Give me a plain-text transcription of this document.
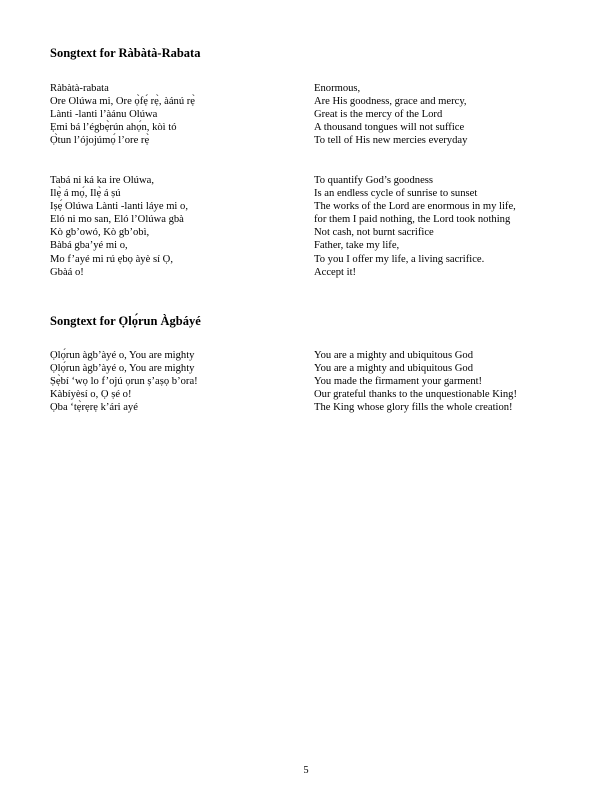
Songtext for Ràbàtà-Rabata
Ràbàtà-rabata
Ore Olúwa mi, Ore ọ̀fẹ́ rẹ̀, àánú rẹ̀
Lànti -lanti l’àánu Olúwa
Ẹmi bá l’égbẹ̀rún ahọ́n, kòì tó
Ọ̀tun l’ójojúmọ́ l’ore rẹ̀
Enormous,
Are His goodness, grace and mercy,
Great is the mercy of the Lord
A thousand tongues will not suffice
To tell of His new mercies everyday
Tabá ni ká ka ire Olúwa,
Ilẹ̀ á mọ́, Ilẹ̀ á ṣú
Iṣẹ́ Olúwa Lànti -lanti láye mi o,
Eló ni mo san, Eló l’Olúwa gbà
Kò gb’owó, Kò gb’obì,
Bàbá gba’yé mi o,
Mo f’ayé mi rú ẹbọ àyè sí Ọ,
Gbàá o!
To quantify God’s goodness
Is an endless cycle of sunrise to sunset
The works of the Lord are enormous in my life,
for them I paid nothing, the Lord took nothing
Not cash, not burnt sacrifice
Father, take my life,
To you I offer my life, a living sacrifice.
Accept it!
Songtext for Ọlọ́run Àgbáyé
Ọlọ́run àgb’àyé o, You are mighty
Ọlọ́run àgb’àyé o, You are mighty
Ṣẹ̀bí ‘wọ lo f’ojú ọrun ṣ’aṣọ b’ora!
Kàbíyèsí o, Ọ ṣé o!
Ọba ‘tẹ̀rẹrẹ k’ári ayé
You are a mighty and ubiquitous God
You are a mighty and ubiquitous God
You made the firmament your garment!
Our grateful thanks to the unquestionable King!
The King whose glory fills the whole creation!
5
